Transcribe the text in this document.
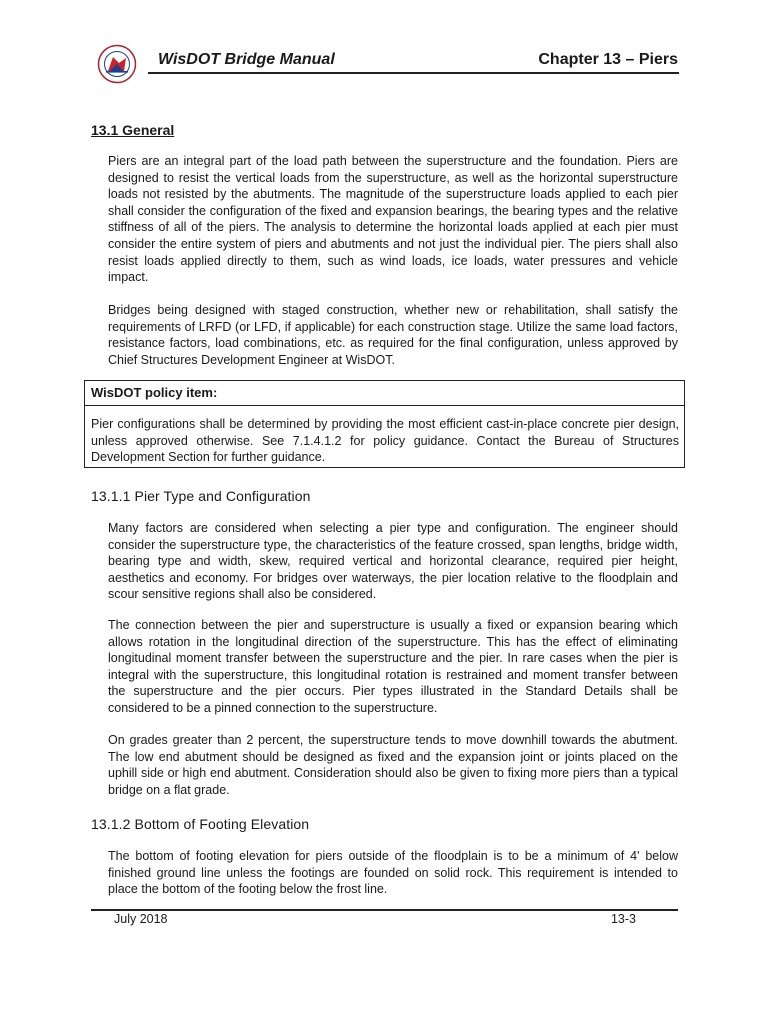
WisDOT Bridge Manual	Chapter 13 – Piers
13.1 General

Piers are an integral part of the load path between the superstructure and the foundation. Piers are designed to resist the vertical loads from the superstructure, as well as the horizontal superstructure loads not resisted by the abutments. The magnitude of the superstructure loads applied to each pier shall consider the configuration of the fixed and expansion bearings, the bearing types and the relative stiffness of all of the piers. The analysis to determine the horizontal loads applied at each pier must consider the entire system of piers and abutments and not just the individual pier. The piers shall also resist loads applied directly to them, such as wind loads, ice loads, water pressures and vehicle impact.

Bridges being designed with staged construction, whether new or rehabilitation, shall satisfy the requirements of LRFD (or LFD, if applicable) for each construction stage. Utilize the same load factors, resistance factors, load combinations, etc. as required for the final configuration, unless approved by Chief Structures Development Engineer at WisDOT.

WisDOT policy item:

Pier configurations shall be determined by providing the most efficient cast-in-place concrete pier design, unless approved otherwise. See 7.1.4.1.2 for policy guidance. Contact the Bureau of Structures Development Section for further guidance.

13.1.1 Pier Type and Configuration

Many factors are considered when selecting a pier type and configuration. The engineer should consider the superstructure type, the characteristics of the feature crossed, span lengths, bridge width, bearing type and width, skew, required vertical and horizontal clearance, required pier height, aesthetics and economy. For bridges over waterways, the pier location relative to the floodplain and scour sensitive regions shall also be considered.

The connection between the pier and superstructure is usually a fixed or expansion bearing which allows rotation in the longitudinal direction of the superstructure. This has the effect of eliminating longitudinal moment transfer between the superstructure and the pier. In rare cases when the pier is integral with the superstructure, this longitudinal rotation is restrained and moment transfer between the superstructure and the pier occurs. Pier types illustrated in the Standard Details shall be considered to be a pinned connection to the superstructure.

On grades greater than 2 percent, the superstructure tends to move downhill towards the abutment. The low end abutment should be designed as fixed and the expansion joint or joints placed on the uphill side or high end abutment. Consideration should also be given to fixing more piers than a typical bridge on a flat grade.

13.1.2 Bottom of Footing Elevation

The bottom of footing elevation for piers outside of the floodplain is to be a minimum of 4' below finished ground line unless the footings are founded on solid rock. This requirement is intended to place the bottom of the footing below the frost line.

July 2018	13-3
